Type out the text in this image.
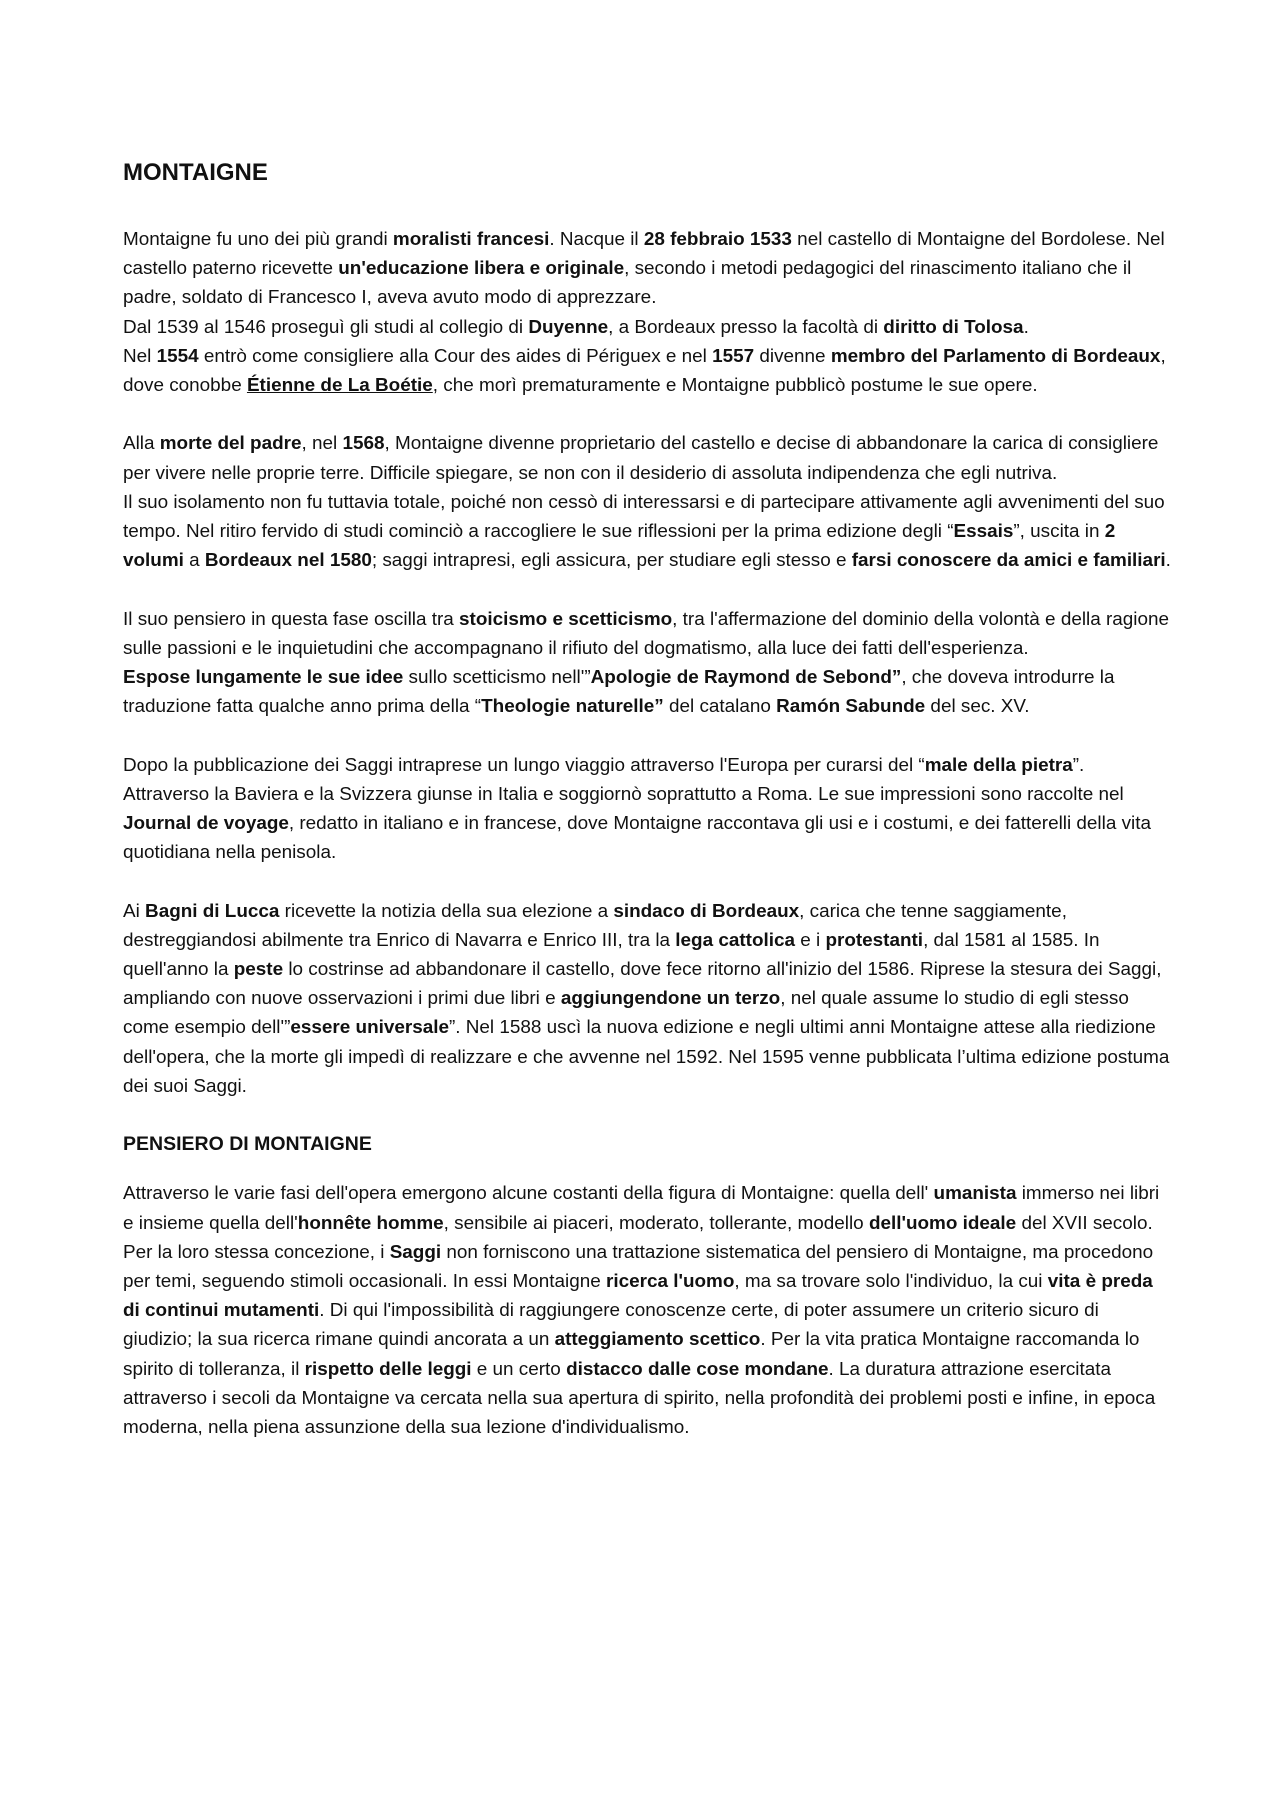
MONTAIGNE

Montaigne fu uno dei più grandi moralisti francesi. Nacque il 28 febbraio 1533 nel castello di Montaigne del Bordolese. Nel castello paterno ricevette un'educazione libera e originale, secondo i metodi pedagogici del rinascimento italiano che il padre, soldato di Francesco I, aveva avuto modo di apprezzare.
Dal 1539 al 1546 proseguì gli studi al collegio di Duyenne, a Bordeaux presso la facoltà di diritto di Tolosa.
Nel 1554 entrò come consigliere alla Cour des aides di Périguex e nel 1557 divenne membro del Parlamento di Bordeaux, dove conobbe Étienne de La Boétie, che morì prematuramente e Montaigne pubblicò postume le sue opere.

Alla morte del padre, nel 1568, Montaigne divenne proprietario del castello e decise di abbandonare la carica di consigliere per vivere nelle proprie terre. Difficile spiegare, se non con il desiderio di assoluta indipendenza che egli nutriva.
Il suo isolamento non fu tuttavia totale, poiché non cessò di interessarsi e di partecipare attivamente agli avvenimenti del suo tempo. Nel ritiro fervido di studi cominciò a raccogliere le sue riflessioni per la prima edizione degli “Essais”, uscita in 2 volumi a Bordeaux nel 1580; saggi intrapresi, egli assicura, per studiare egli stesso e farsi conoscere da amici e familiari.

Il suo pensiero in questa fase oscilla tra stoicismo e scetticismo, tra l'affermazione del dominio della volontà e della ragione sulle passioni e le inquietudini che accompagnano il rifiuto del dogmatismo, alla luce dei fatti dell'esperienza.
Espose lungamente le sue idee sullo scetticismo nell'”Apologie de Raymond de Sebond”, che doveva introdurre la traduzione fatta qualche anno prima della “Theologie naturelle” del catalano Ramón Sabunde del sec. XV.

Dopo la pubblicazione dei Saggi intraprese un lungo viaggio attraverso l'Europa per curarsi del “male della pietra”. Attraverso la Baviera e la Svizzera giunse in Italia e soggiornò soprattutto a Roma. Le sue impressioni sono raccolte nel Journal de voyage, redatto in italiano e in francese, dove Montaigne raccontava gli usi e i costumi, e dei fatterelli della vita quotidiana nella penisola.

Ai Bagni di Lucca ricevette la notizia della sua elezione a sindaco di Bordeaux, carica che tenne saggiamente, destreggiandosi abilmente tra Enrico di Navarra e Enrico III, tra la lega cattolica e i protestanti, dal 1581 al 1585. In quell'anno la peste lo costrinse ad abbandonare il castello, dove fece ritorno all'inizio del 1586. Riprese la stesura dei Saggi, ampliando con nuove osservazioni i primi due libri e aggiungendone un terzo, nel quale assume lo studio di egli stesso come esempio dell'”essere universale”. Nel 1588 uscì la nuova edizione e negli ultimi anni Montaigne attese alla riedizione dell'opera, che la morte gli impedì di realizzare e che avvenne nel 1592. Nel 1595 venne pubblicata l’ultima edizione postuma dei suoi Saggi.

PENSIERO DI MONTAIGNE

Attraverso le varie fasi dell'opera emergono alcune costanti della figura di Montaigne: quella dell' umanista immerso nei libri e insieme quella dell'honnête homme, sensibile ai piaceri, moderato, tollerante, modello dell'uomo ideale del XVII secolo. Per la loro stessa concezione, i Saggi non forniscono una trattazione sistematica del pensiero di Montaigne, ma procedono per temi, seguendo stimoli occasionali. In essi Montaigne ricerca l'uomo, ma sa trovare solo l'individuo, la cui vita è preda di continui mutamenti. Di qui l'impossibilità di raggiungere conoscenze certe, di poter assumere un criterio sicuro di giudizio; la sua ricerca rimane quindi ancorata a un atteggiamento scettico. Per la vita pratica Montaigne raccomanda lo spirito di tolleranza, il rispetto delle leggi e un certo distacco dalle cose mondane. La duratura attrazione esercitata attraverso i secoli da Montaigne va cercata nella sua apertura di spirito, nella profondità dei problemi posti e infine, in epoca moderna, nella piena assunzione della sua lezione d'individualismo.
